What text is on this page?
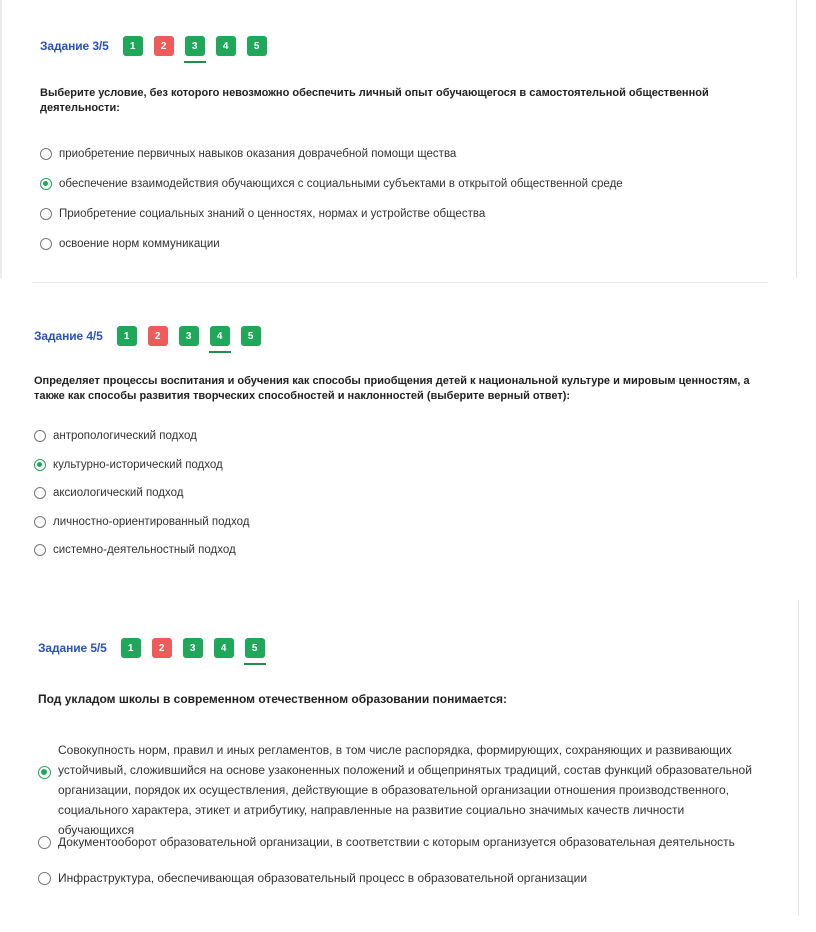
Задание 3/5	1	2	3	4	5
Выберите условие, без которого невозможно обеспечить личный опыт обучающегося в самостоятельной общественной деятельности:
приобретение первичных навыков оказания доврачебной помощи щества
обеспечение взаимодействия обучающихся с социальными субъектами в открытой общественной среде
Приобретение социальных знаний о ценностях, нормах и устройстве общества
освоение норм коммуникации
Задание 4/5	1	2	3	4	5
Определяет процессы воспитания и обучения как способы приобщения детей к национальной культуре и мировым ценностям, а также как способы развития творческих способностей и наклонностей (выберите верный ответ):
антропологический подход
культурно-исторический подход
аксиологический подход
личностно-ориентированный подход
системно-деятельностный подход
Задание 5/5	1	2	3	4	5
Под укладом школы в современном отечественном образовании понимается:
Совокупность норм, правил и иных регламентов, в том числе распорядка, формирующих, сохраняющих и развивающих устойчивый, сложившийся на основе узаконенных положений и общепринятых традиций, состав функций образовательной организации, порядок их осуществления, действующие в образовательной организации отношения производственного, социального характера, этикет и атрибутику, направленные на развитие социально значимых качеств личности обучающихся
Документооборот образовательной организации, в соответствии с которым организуется образовательная деятельность
Инфраструктура, обеспечивающая образовательный процесс в образовательной организации
